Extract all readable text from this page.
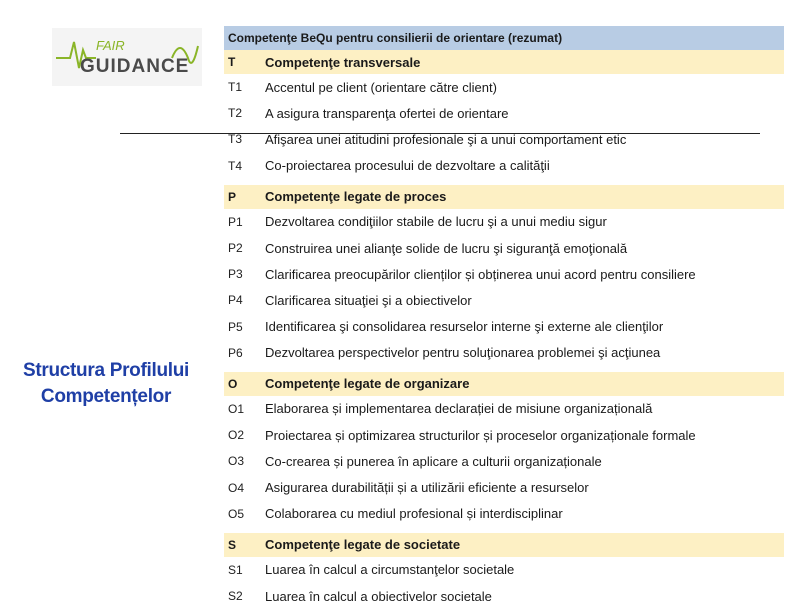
FAIR
GUIDANCE
Structura Profilului
Competențelor
Competenţe BeQu pentru consilierii de orientare (rezumat)
T	Competenţe transversale
T1	Accentul pe client (orientare către client)
T2	A asigura transparenţa ofertei de orientare
T3	Afişarea unei atitudini profesionale şi a unui comportament etic
T4	Co-proiectarea procesului de dezvoltare a calităţii
P	Competenţe legate de proces
P1	Dezvoltarea condiţiilor stabile de lucru şi a unui mediu sigur
P2	Construirea unei alianţe solide de lucru şi siguranţă emoţională
P3	Clarificarea preocupărilor clienților și obținerea unui acord pentru consiliere
P4	Clarificarea situaţiei şi a obiectivelor
P5	Identificarea şi consolidarea resurselor interne şi externe ale clienţilor
P6	Dezvoltarea perspectivelor pentru soluţionarea problemei şi acţiunea
O	Competenţe legate de organizare
O1	Elaborarea și implementarea declarației de misiune organizațională
O2	Proiectarea și optimizarea structurilor și proceselor organizaționale formale
O3	Co-crearea și punerea în aplicare a culturii organizaționale
O4	Asigurarea durabilității și a utilizării eficiente a resurselor
O5	Colaborarea cu mediul profesional și interdisciplinar
S	Competenţe legate de societate
S1	Luarea în calcul a circumstanţelor societale
S2	Luarea în calcul a obiectivelor societale
